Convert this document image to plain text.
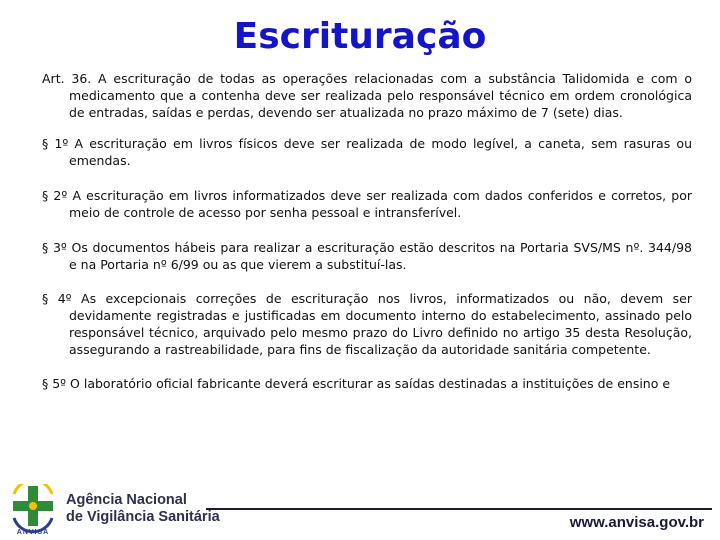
Escrituração

Art. 36. A escrituração de todas as operações relacionadas com a substância Talidomida e com o medicamento que a contenha deve ser realizada pelo responsável técnico em ordem cronológica de entradas, saídas e perdas, devendo ser atualizada no prazo máximo de 7 (sete) dias.

§ 1º A escrituração em livros físicos deve ser realizada de modo legível, a caneta, sem rasuras ou emendas.

§ 2º A escrituração em livros informatizados deve ser realizada com dados conferidos e corretos, por meio de controle de acesso por senha pessoal e intransferível.

§ 3º Os documentos hábeis para realizar a escrituração estão descritos na Portaria SVS/MS nº. 344/98 e na Portaria nº 6/99 ou as que vierem a substituí-las.

§ 4º As excepcionais correções de escrituração nos livros, informatizados ou não, devem ser devidamente registradas e justificadas em documento interno do estabelecimento, assinado pelo responsável técnico, arquivado pelo mesmo prazo do Livro definido no artigo 35 desta Resolução, assegurando a rastreabilidade, para fins de fiscalização da autoridade sanitária competente.

§ 5º O laboratório oficial fabricante deverá escriturar as saídas destinadas a instituições de ensino e

ANVISA
Agência Nacional
de Vigilância Sanitária	www.anvisa.gov.br
